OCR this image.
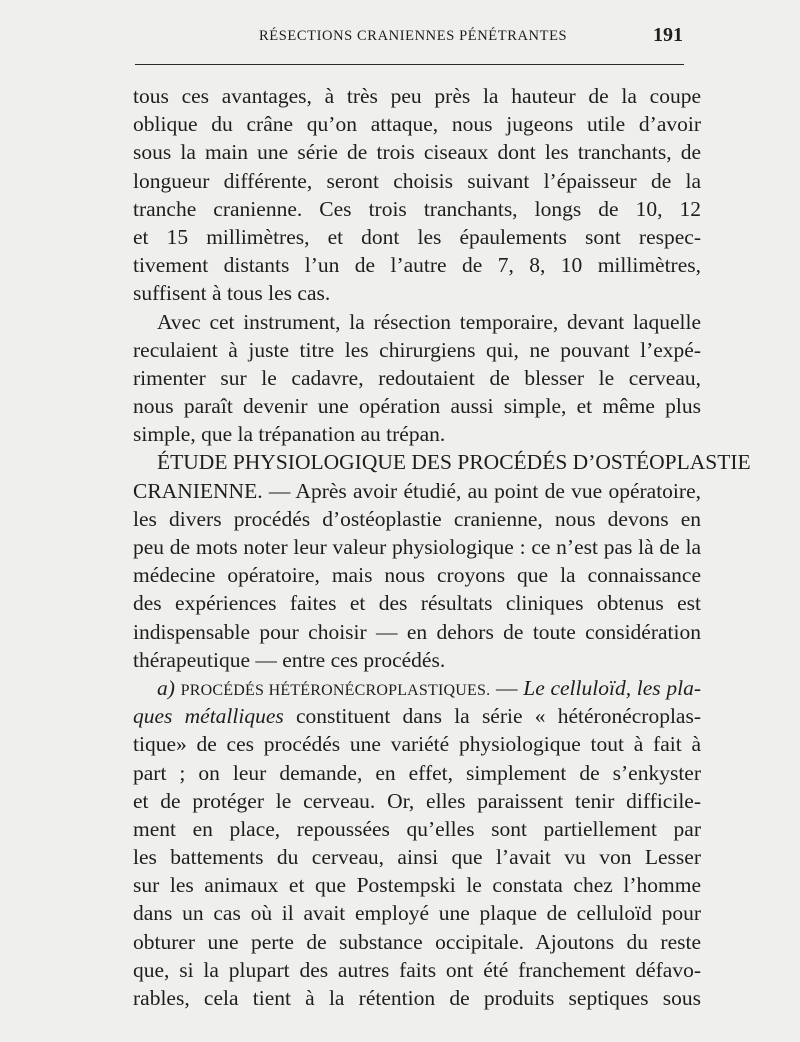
RÉSECTIONS CRANIENNES PÉNÉTRANTES	191
tous ces avantages, à très peu près la hauteur de la coupe
oblique du crâne qu’on attaque, nous jugeons utile d’avoir
sous la main une série de trois ciseaux dont les tranchants, de
longueur différente, seront choisis suivant l’épaisseur de la
tranche cranienne. Ces trois tranchants, longs de 10, 12
et 15 millimètres, et dont les épaulements sont respec-
tivement distants l’un de l’autre de 7, 8, 10 millimètres,
suffisent à tous les cas.
Avec cet instrument, la résection temporaire, devant laquelle
reculaient à juste titre les chirurgiens qui, ne pouvant l’expé-
rimenter sur le cadavre, redoutaient de blesser le cerveau,
nous paraît devenir une opération aussi simple, et même plus
simple, que la trépanation au trépan.
ÉTUDE PHYSIOLOGIQUE DES PROCÉDÉS D’OSTÉOPLASTIE
CRANIENNE. — Après avoir étudié, au point de vue opératoire,
les divers procédés d’ostéoplastie cranienne, nous devons en
peu de mots noter leur valeur physiologique : ce n’est pas là de la
médecine opératoire, mais nous croyons que la connaissance
des expériences faites et des résultats cliniques obtenus est
indispensable pour choisir — en dehors de toute considération
thérapeutique — entre ces procédés.
a) PROCÉDÉS HÉTÉRONÉCROPLASTIQUES. — Le celluloïd, les pla-
ques métalliques constituent dans la série « hétéronécroplas-
tique» de ces procédés une variété physiologique tout à fait à
part ; on leur demande, en effet, simplement de s’enkyster
et de protéger le cerveau. Or, elles paraissent tenir difficile-
ment en place, repoussées qu’elles sont partiellement par
les battements du cerveau, ainsi que l’avait vu von Lesser
sur les animaux et que Postempski le constata chez l’homme
dans un cas où il avait employé une plaque de celluloïd pour
obturer une perte de substance occipitale. Ajoutons du reste
que, si la plupart des autres faits ont été franchement défavo-
rables, cela tient à la rétention de produits septiques sous
